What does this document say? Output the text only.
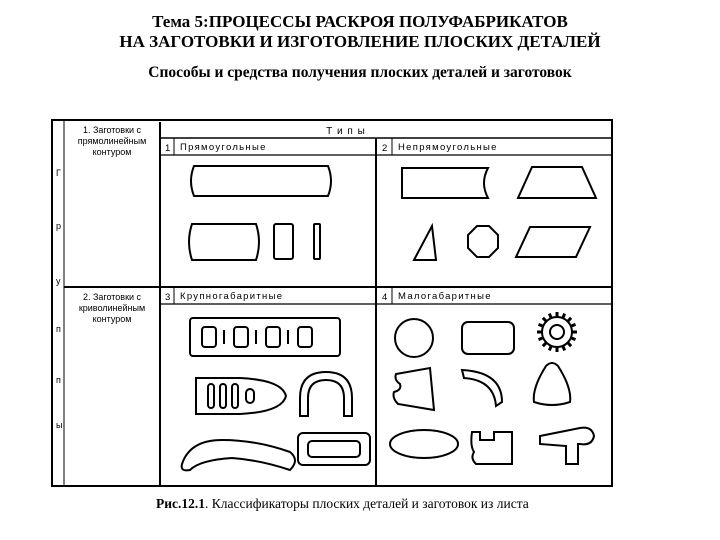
Тема 5:ПРОЦЕССЫ РАСКРОЯ ПОЛУФАБРИКАТОВ
НА ЗАГОТОВКИ И ИЗГОТОВЛЕНИЕ ПЛОСКИХ ДЕТАЛЕЙ
Способы и средства получения плоских деталей и заготовок
Г
р
у
п
п
ы
1. Заготовки с
прямолинейным
контуром
2. Заготовки с
криволинейным
контуром
Т и п ы
1 Прямоугольные	2 Непрямоугольные
3 Крупногабаритные	4 Малогабаритные
Рис.12.1. Классификаторы плоских деталей и заготовок из листа
